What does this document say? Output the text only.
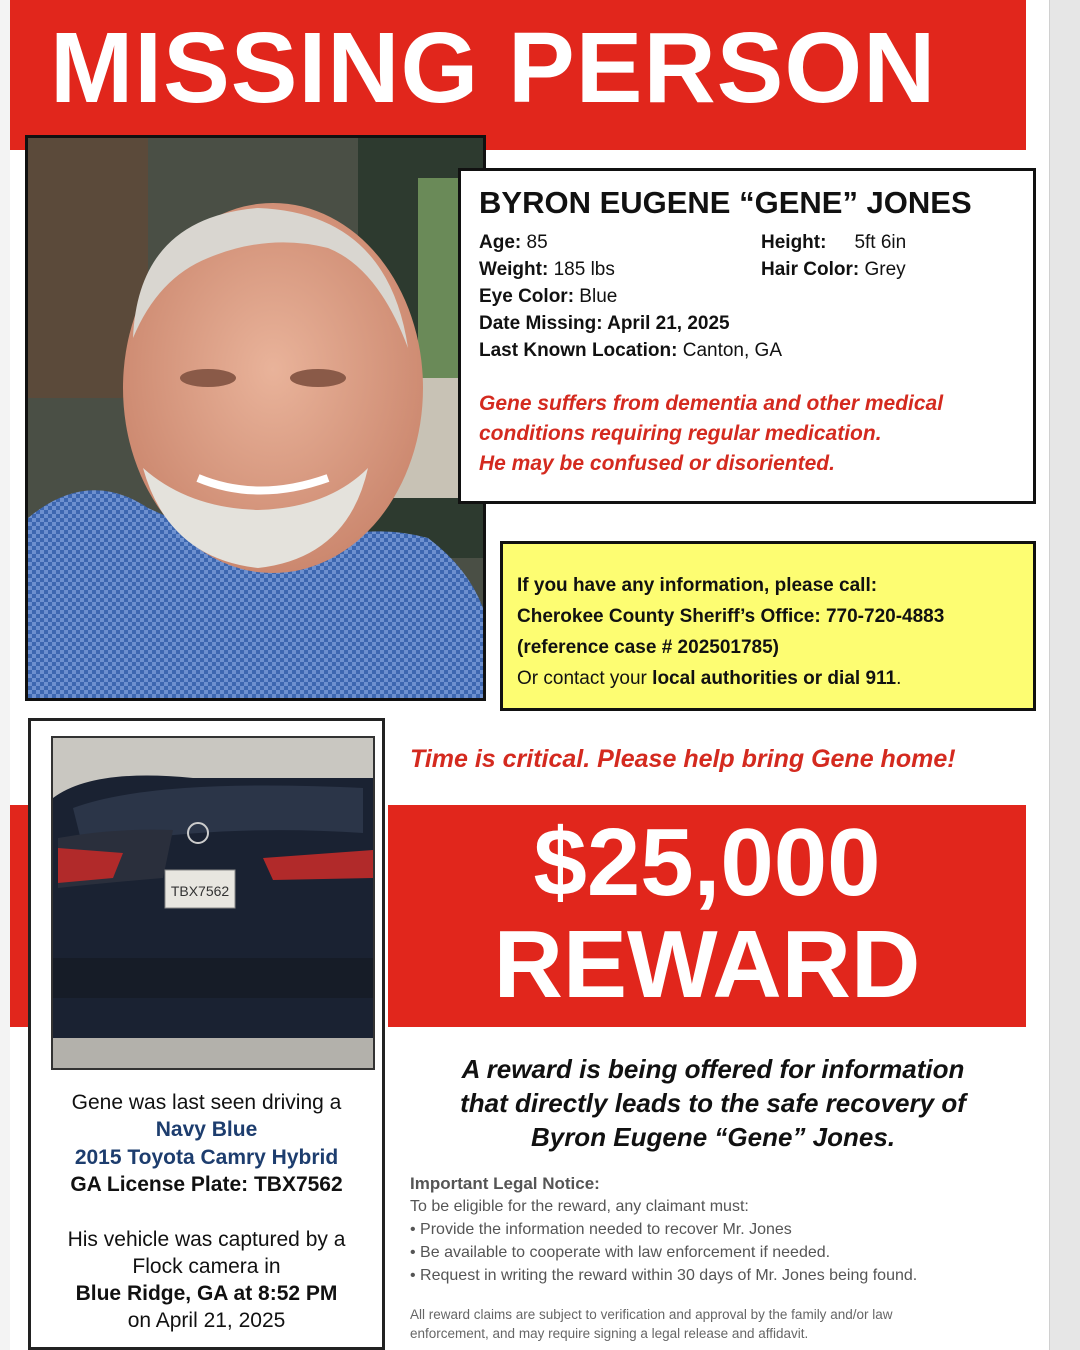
MISSING PERSON
BYRON EUGENE “GENE” JONES
Age: 85
Weight: 185 lbs
Eye Color: Blue
Date Missing: April 21, 2025
Last Known Location: Canton, GA
Height: 5ft 6in
Hair Color: Grey
Gene suffers from dementia and other medical
conditions requiring regular medication.
He may be confused or disoriented.
If you have any information, please call:
Cherokee County Sheriff’s Office: 770-720-4883
(reference case # 202501785)
Or contact your local authorities or dial 911.
Time is critical. Please help bring Gene home!
$25,000
REWARD
TBX7562
Gene was last seen driving a
Navy Blue
2015 Toyota Camry Hybrid
GA License Plate: TBX7562
His vehicle was captured by a
Flock camera in
Blue Ridge, GA at 8:52 PM
on April 21, 2025
A reward is being offered for information
that directly leads to the safe recovery of
Byron Eugene “Gene” Jones.
Important Legal Notice:
To be eligible for the reward, any claimant must:
• Provide the information needed to recover Mr. Jones
• Be available to cooperate with law enforcement if needed.
• Request in writing the reward within 30 days of Mr. Jones being found.
All reward claims are subject to verification and approval by the family and/or law
enforcement, and may require signing a legal release and affidavit.
